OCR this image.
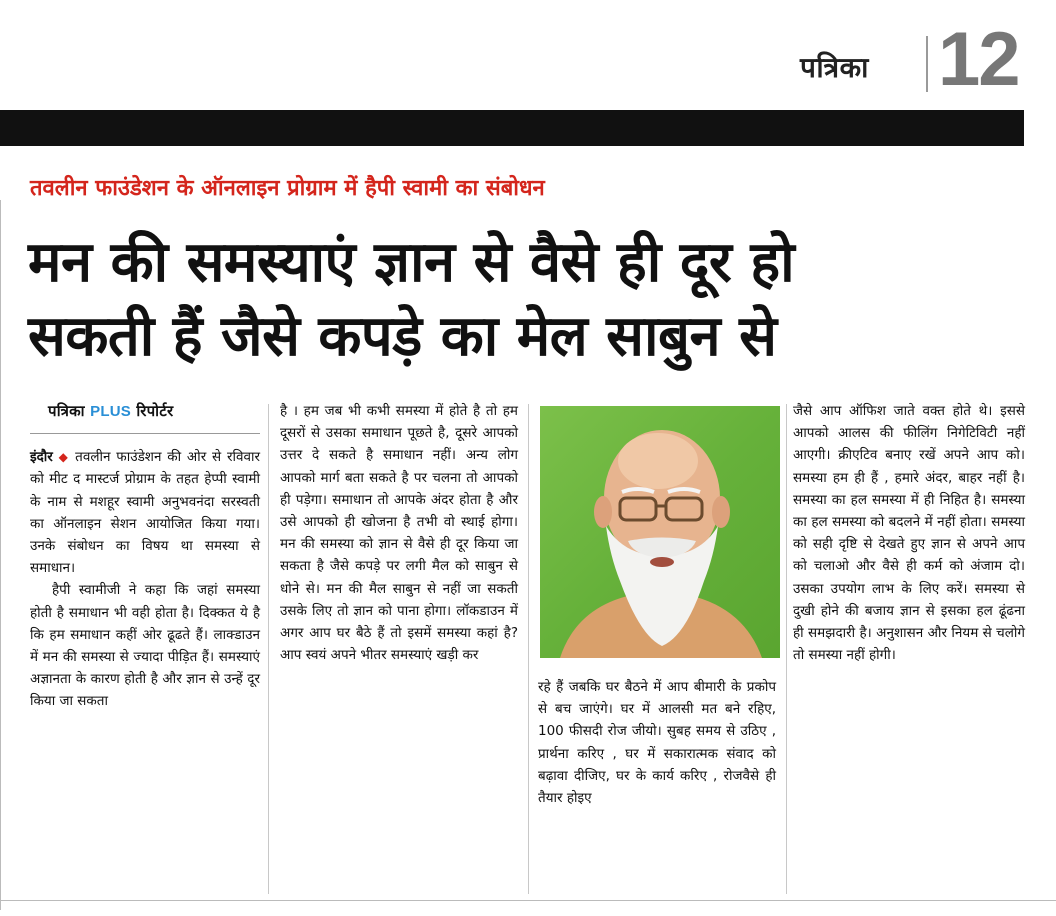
पत्रिका 12
तवलीन फाउंडेशन के ऑनलाइन प्रोग्राम में हैपी स्वामी का संबोधन
मन की समस्याएं ज्ञान से वैसे ही दूर हो
सकती हैं जैसे कपड़े का मेल साबुन से

पत्रिका PLUS रिपोर्टर

इंदौर ◆ तवलीन फाउंडेशन की ओर से रविवार को मीट द मास्टर्ज प्रोग्राम के तहत हेप्पी स्वामी के नाम से मशहूर स्वामी अनुभवनंदा सरस्वती का ऑनलाइन सेशन आयोजित किया गया। उनके संबोधन का विषय था समस्या से समाधान।

हैपी स्वामीजी ने कहा कि जहां समस्या होती है समाधान भी वही होता है। दिक्कत ये है कि हम समाधान कहीं ओर ढूढते हैं। लाक्डाउन में मन की समस्या से ज्यादा पीड़ित हैं। समस्याएं अज्ञानता के कारण होती है और ज्ञान से उन्हें दूर किया जा सकता

है । हम जब भी कभी समस्या में होते है तो हम दूसरों से उसका समाधान पूछते है, दूसरे आपको उत्तर दे सकते है समाधान नहीं। अन्य लोग आपको मार्ग बता सकते है पर चलना तो आपको ही पड़ेगा। समाधान तो आपके अंदर होता है और उसे आपको ही खोजना है तभी वो स्थाई होगा। मन की समस्या को ज्ञान से वैसे ही दूर किया जा सकता है जैसे कपड़े पर लगी मैल को साबुन से धोने से। मन की मैल साबुन से नहीं जा सकती उसके लिए तो ज्ञान को पाना होगा। लॉकडाउन में अगर आप घर बैठे हैं तो इसमें समस्या कहां है? आप स्वयं अपने भीतर समस्याएं खड़ी कर

रहे हैं जबकि घर बैठने में आप बीमारी के प्रकोप से बच जाएंगे। घर में आलसी मत बने रहिए, 100 फीसदी रोज जीयो। सुबह समय से उठिए , प्रार्थना करिए , घर में सकारात्मक संवाद को बढ़ावा दीजिए, घर के कार्य करिए , रोजवैसे ही तैयार होइए

जैसे आप ऑफिश जाते वक्त होते थे। इससे आपको आलस की फीलिंग निगेटिविटी नहीं आएगी। क्रीएटिव बनाए रखें अपने आप को। समस्या हम ही हैं , हमारे अंदर, बाहर नहीं है। समस्या का हल समस्या में ही निहित है। समस्या का हल समस्या को बदलने में नहीं होता। समस्या को सही दृष्टि से देखते हुए ज्ञान से अपने आप को चलाओ और वैसे ही कर्म को अंजाम दो। उसका उपयोग लाभ के लिए करें। समस्या से दुखी होने की बजाय ज्ञान से इसका हल ढूंढना ही समझदारी है। अनुशासन और नियम से चलोगे तो समस्या नहीं होगी।
